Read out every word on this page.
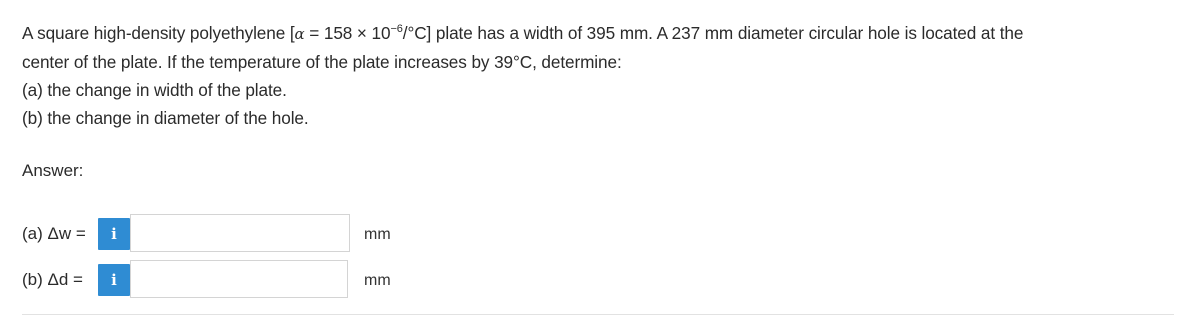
A square high-density polyethylene $[\alpha = 158 \times 10^{-6}/^\circ C]$ plate has a width of 395 mm. A 237 mm diameter circular hole is located at the

center of the plate. If the temperature of the plate increases by 39°C, determine:

(a) the change in width of the plate.

(b) the change in diameter of the hole.

Answer:
(a) Δw =	i	mm
(b) Δd =	i	mm
